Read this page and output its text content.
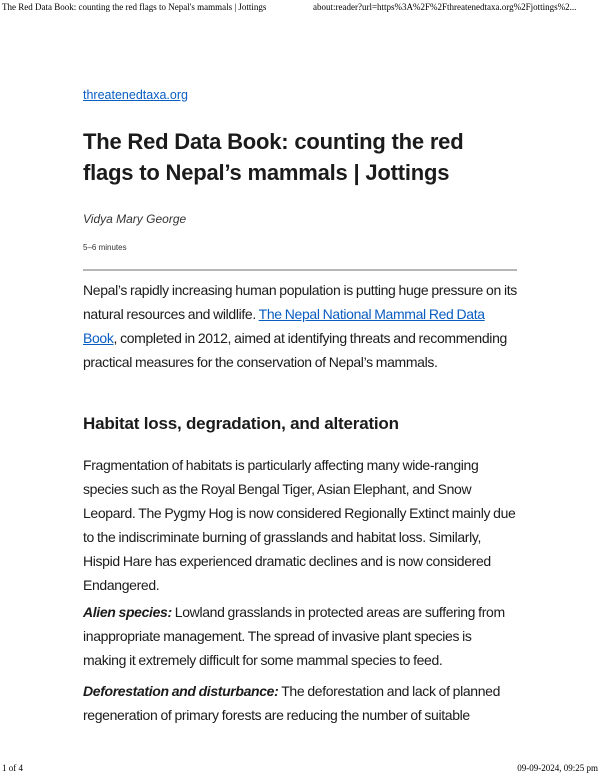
The Red Data Book: counting the red flags to Nepal's mammals | Jottings	about:reader?url=https%3A%2F%2Fthreatenedtaxa.org%2Fjottings%2...
threatenedtaxa.org
The Red Data Book: counting the red flags to Nepal’s mammals | Jottings
Vidya Mary George
5–6 minutes

Nepal’s rapidly increasing human population is putting huge pressure on its natural resources and wildlife. The Nepal National Mammal Red Data Book, completed in 2012, aimed at identifying threats and recommending practical measures for the conservation of Nepal’s mammals.

Habitat loss, degradation, and alteration

Fragmentation of habitats is particularly affecting many wide-ranging species such as the Royal Bengal Tiger, Asian Elephant, and Snow Leopard. The Pygmy Hog is now considered Regionally Extinct mainly due to the indiscriminate burning of grasslands and habitat loss. Similarly, Hispid Hare has experienced dramatic declines and is now considered Endangered.

Alien species: Lowland grasslands in protected areas are suffering from inappropriate management. The spread of invasive plant species is making it extremely difficult for some mammal species to feed.

Deforestation and disturbance: The deforestation and lack of planned regeneration of primary forests are reducing the number of suitable

1 of 4	09-09-2024, 09:25 pm
